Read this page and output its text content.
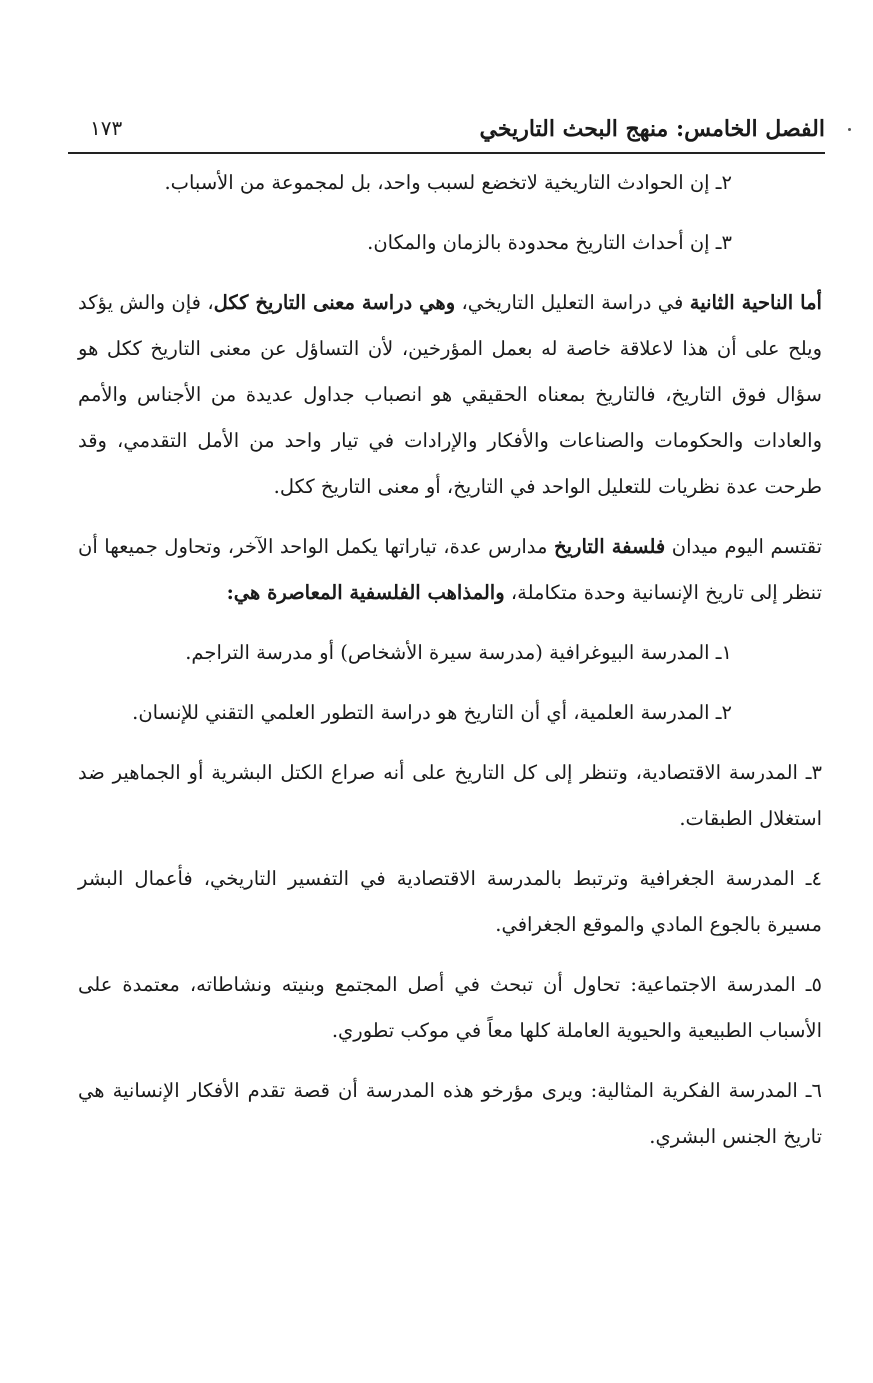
الفصل الخامس: منهج البحث التاريخي
١٧٣

٢ـ إن الحوادث التاريخية لاتخضع لسبب واحد، بل لمجموعة من الأسباب.

٣ـ إن أحداث التاريخ محدودة بالزمان والمكان.

أما الناحية الثانية في دراسة التعليل التاريخي، وهي دراسة معنى التاريخ ككل، فإن والش يؤكد ويلح على أن هذا لاعلاقة خاصة له بعمل المؤرخين، لأن التساؤل عن معنى التاريخ ككل هو سؤال فوق التاريخ، فالتاريخ بمعناه الحقيقي هو انصباب جداول عديدة من الأجناس والأمم والعادات والحكومات والصناعات والأفكار والإرادات في تيار واحد من الأمل التقدمي، وقد طرحت عدة نظريات للتعليل الواحد في التاريخ، أو معنى التاريخ ككل.

تقتسم اليوم ميدان فلسفة التاريخ مدارس عدة، تياراتها يكمل الواحد الآخر، وتحاول جميعها أن تنظر إلى تاريخ الإنسانية وحدة متكاملة، والمذاهب الفلسفية المعاصرة هي:

١ـ المدرسة البيوغرافية (مدرسة سيرة الأشخاص) أو مدرسة التراجم.

٢ـ المدرسة العلمية، أي أن التاريخ هو دراسة التطور العلمي التقني للإنسان.

٣ـ المدرسة الاقتصادية، وتنظر إلى كل التاريخ على أنه صراع الكتل البشرية أو الجماهير ضد استغلال الطبقات.

٤ـ المدرسة الجغرافية وترتبط بالمدرسة الاقتصادية في التفسير التاريخي، فأعمال البشر مسيرة بالجوع المادي والموقع الجغرافي.

٥ـ المدرسة الاجتماعية: تحاول أن تبحث في أصل المجتمع وبنيته ونشاطاته، معتمدة على الأسباب الطبيعية والحيوية العاملة كلها معاً في موكب تطوري.

٦ـ المدرسة الفكرية المثالية: ويرى مؤرخو هذه المدرسة أن قصة تقدم الأفكار الإنسانية هي تاريخ الجنس البشري.
